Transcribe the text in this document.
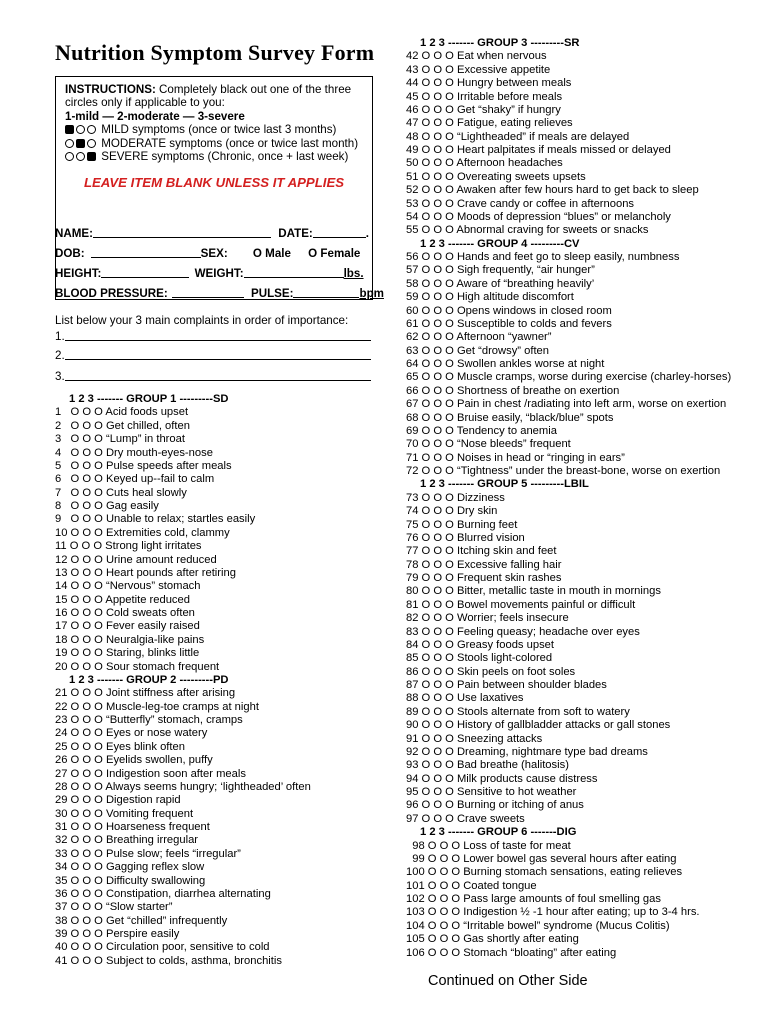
Nutrition Symptom Survey Form
INSTRUCTIONS: Completely black out one of the three circles only if applicable to you:
1-mild — 2-moderate — 3-severe
MILD symptoms (once or twice last 3 months)
MODERATE symptoms (once or twice last month)
SEVERE symptoms (Chronic, once + last week)
LEAVE ITEM BLANK UNLESS IT APPLIES
NAME:	DATE:	.
DOB:	SEX: O Male O Female
HEIGHT:	WEIGHT:	lbs.
BLOOD PRESSURE:	PULSE:	bpm
List below your 3 main complaints in order of importance:
1.
2.
3.
1 2 3 ------- GROUP 1 ---------SD
1   O O O Acid foods upset
2   O O O Get chilled, often
3   O O O “Lump” in throat
4   O O O Dry mouth-eyes-nose
5   O O O Pulse speeds after meals
6   O O O Keyed up--fail to calm
7   O O O Cuts heal slowly
8   O O O Gag easily
9   O O O Unable to relax; startles easily
10 O O O Extremities cold, clammy
11 O O O Strong light irritates
12 O O O Urine amount reduced
13 O O O Heart pounds after retiring
14 O O O “Nervous” stomach
15 O O O Appetite reduced
16 O O O Cold sweats often
17 O O O Fever easily raised
18 O O O Neuralgia-like pains
19 O O O Staring, blinks little
20 O O O Sour stomach frequent
1 2 3 ------- GROUP 2 ---------PD
21 O O O Joint stiffness after arising
22 O O O Muscle-leg-toe cramps at night
23 O O O “Butterfly” stomach, cramps
24 O O O Eyes or nose watery
25 O O O Eyes blink often
26 O O O Eyelids swollen, puffy
27 O O O Indigestion soon after meals
28 O O O Always seems hungry; ‘lightheaded’ often
29 O O O Digestion rapid
30 O O O Vomiting frequent
31 O O O Hoarseness frequent
32 O O O Breathing irregular
33 O O O Pulse slow; feels “irregular”
34 O O O Gagging reflex slow
35 O O O Difficulty swallowing
36 O O O Constipation, diarrhea alternating
37 O O O “Slow starter”
38 O O O Get “chilled” infrequently
39 O O O Perspire easily
40 O O O Circulation poor, sensitive to cold
41 O O O Subject to colds, asthma, bronchitis
1 2 3 ------- GROUP 3 ---------SR
42 O O O Eat when nervous
43 O O O Excessive appetite
44 O O O Hungry between meals
45 O O O Irritable before meals
46 O O O Get “shaky” if hungry
47 O O O Fatigue, eating relieves
48 O O O “Lightheaded” if meals are delayed
49 O O O Heart palpitates if meals missed or delayed
50 O O O Afternoon headaches
51 O O O Overeating sweets upsets
52 O O O Awaken after few hours hard to get back to sleep
53 O O O Crave candy or coffee in afternoons
54 O O O Moods of depression “blues” or melancholy
55 O O O Abnormal craving for sweets or snacks
1 2 3 ------- GROUP 4 ---------CV
56 O O O Hands and feet go to sleep easily, numbness
57 O O O Sigh frequently, “air hunger”
58 O O O Aware of “breathing heavily’
59 O O O High altitude discomfort
60 O O O Opens windows in closed room
61 O O O Susceptible to colds and fevers
62 O O O Afternoon “yawner”
63 O O O Get “drowsy” often
64 O O O Swollen ankles worse at night
65 O O O Muscle cramps, worse during exercise (charley-horses)
66 O O O Shortness of breathe on exertion
67 O O O Pain in chest /radiating into left arm, worse on exertion
68 O O O Bruise easily, “black/blue” spots
69 O O O Tendency to anemia
70 O O O “Nose bleeds” frequent
71 O O O Noises in head or “ringing in ears”
72 O O O “Tightness” under the breast-bone, worse on exertion
1 2 3 ------- GROUP 5 ---------LBIL
73 O O O Dizziness
74 O O O Dry skin
75 O O O Burning feet
76 O O O Blurred vision
77 O O O Itching skin and feet
78 O O O Excessive falling hair
79 O O O Frequent skin rashes
80 O O O Bitter, metallic taste in mouth in mornings
81 O O O Bowel movements painful or difficult
82 O O O Worrier; feels insecure
83 O O O Feeling queasy; headache over eyes
84 O O O Greasy foods upset
85 O O O Stools light-colored
86 O O O Skin peels on foot soles
87 O O O Pain between shoulder blades
88 O O O Use laxatives
89 O O O Stools alternate from soft to watery
90 O O O History of gallbladder attacks or gall stones
91 O O O Sneezing attacks
92 O O O Dreaming, nightmare type bad dreams
93 O O O Bad breathe (halitosis)
94 O O O Milk products cause distress
95 O O O Sensitive to hot weather
96 O O O Burning or itching of anus
97 O O O Crave sweets
1 2 3 ------- GROUP 6 -------DIG
98 O O O Loss of taste for meat
99 O O O Lower bowel gas several hours after eating
100 O O O Burning stomach sensations, eating relieves
101 O O O Coated tongue
102 O O O Pass large amounts of foul smelling gas
103 O O O Indigestion ½ -1 hour after eating; up to 3-4 hrs.
104 O O O “Irritable bowel” syndrome (Mucus Colitis)
105 O O O Gas shortly after eating
106 O O O Stomach “bloating” after eating
Continued on Other Side
